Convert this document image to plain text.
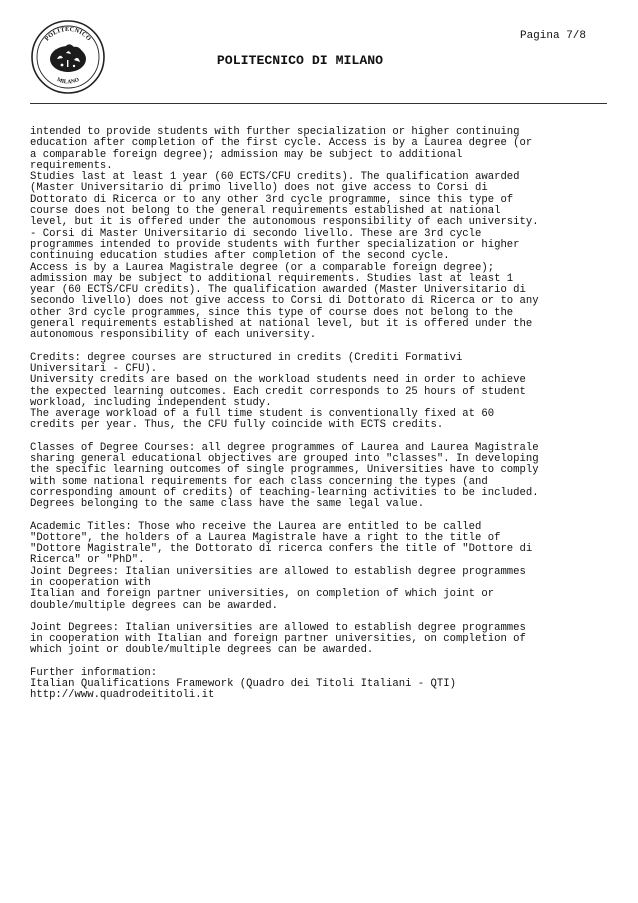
Pagina 7/8
POLITECNICO
MILANO
POLITECNICO DI MILANO
intended to provide students with further specialization or higher continuing
education after completion of the first cycle. Access is by a Laurea degree (or
a comparable foreign degree); admission may be subject to additional
requirements.
Studies last at least 1 year (60 ECTS/CFU credits). The qualification awarded
(Master Universitario di primo livello) does not give access to Corsi di
Dottorato di Ricerca or to any other 3rd cycle programme, since this type of
course does not belong to the general requirements established at national
level, but it is offered under the autonomous responsibility of each university.
- Corsi di Master Universitario di secondo livello. These are 3rd cycle
programmes intended to provide students with further specialization or higher
continuing education studies after completion of the second cycle.
Access is by a Laurea Magistrale degree (or a comparable foreign degree);
admission may be subject to additional requirements. Studies last at least 1
year (60 ECTS/CFU credits). The qualification awarded (Master Universitario di
secondo livello) does not give access to Corsi di Dottorato di Ricerca or to any
other 3rd cycle programmes, since this type of course does not belong to the
general requirements established at national level, but it is offered under the
autonomous responsibility of each university.
Credits: degree courses are structured in credits (Crediti Formativi
Universitari - CFU).
University credits are based on the workload students need in order to achieve
the expected learning outcomes. Each credit corresponds to 25 hours of student
workload, including independent study.
The average workload of a full time student is conventionally fixed at 60
credits per year. Thus, the CFU fully coincide with ECTS credits.
Classes of Degree Courses: all degree programmes of Laurea and Laurea Magistrale
sharing general educational objectives are grouped into "classes". In developing
the specific learning outcomes of single programmes, Universities have to comply
with some national requirements for each class concerning the types (and
corresponding amount of credits) of teaching-learning activities to be included.
Degrees belonging to the same class have the same legal value.
Academic Titles: Those who receive the Laurea are entitled to be called
"Dottore", the holders of a Laurea Magistrale have a right to the title of
"Dottore Magistrale", the Dottorato di ricerca confers the title of "Dottore di
Ricerca" or "PhD".
Joint Degrees: Italian universities are allowed to establish degree programmes
in cooperation with
Italian and foreign partner universities, on completion of which joint or
double/multiple degrees can be awarded.
Joint Degrees: Italian universities are allowed to establish degree programmes
in cooperation with Italian and foreign partner universities, on completion of
which joint or double/multiple degrees can be awarded.
Further information:
Italian Qualifications Framework (Quadro dei Titoli Italiani - QTI)
http://www.quadrodeititoli.it
